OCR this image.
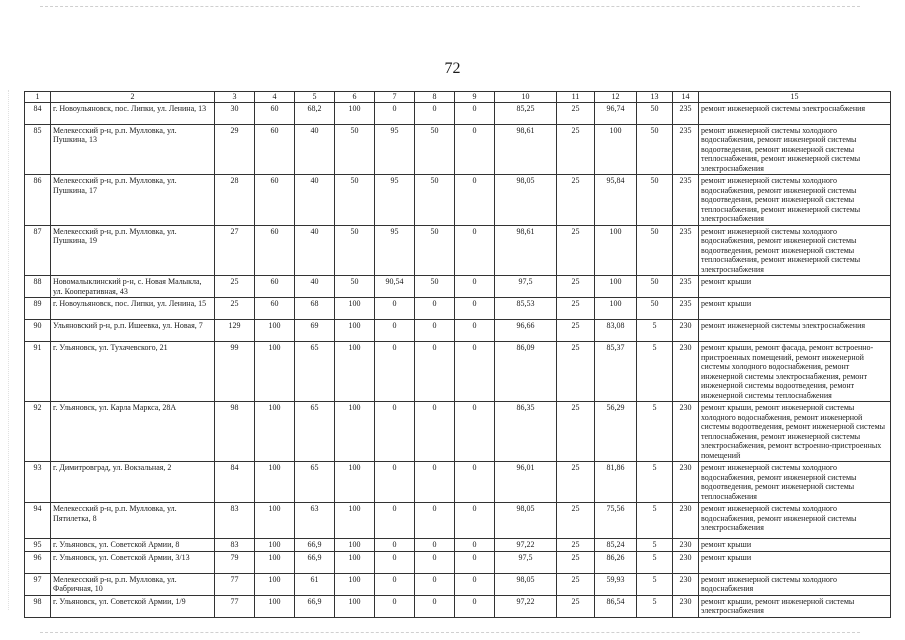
72
1	2	3	4	5	6	7	8	9	10	11	12	13	14	15
84	г. Новоульяновск, пос. Липки, ул. Ленина, 13	30	60	68,2	100	0	0	0	85,25	25	96,74	50	235	ремонт инженерной системы электроснабжения
85	Мелекесский р-н, р.п. Мулловка, ул. Пушкина, 13	29	60	40	50	95	50	0	98,61	25	100	50	235	ремонт инженерной системы холодного водоснабжения, ремонт инженерной системы водоотведения, ремонт инженерной системы теплоснабжения, ремонт инженерной системы электроснабжения
86	Мелекесский р-н, р.п. Мулловка, ул. Пушкина, 17	28	60	40	50	95	50	0	98,05	25	95,84	50	235	ремонт инженерной системы холодного водоснабжения, ремонт инженерной системы водоотведения, ремонт инженерной системы теплоснабжения, ремонт инженерной системы электроснабжения
87	Мелекесский р-н, р.п. Мулловка, ул. Пушкина, 19	27	60	40	50	95	50	0	98,61	25	100	50	235	ремонт инженерной системы холодного водоснабжения, ремонт инженерной системы водоотведения, ремонт инженерной системы теплоснабжения, ремонт инженерной системы электроснабжения
88	Новомалыклинский р-н, с. Новая Малыкла, ул. Кооперативная, 43	25	60	40	50	90,54	50	0	97,5	25	100	50	235	ремонт крыши
89	г. Новоульяновск, пос. Липки, ул. Ленина, 15	25	60	68	100	0	0	0	85,53	25	100	50	235	ремонт крыши
90	Ульяновский р-н, р.п. Ишеевка, ул. Новая, 7	129	100	69	100	0	0	0	96,66	25	83,08	5	230	ремонт инженерной системы электроснабжения
91	г. Ульяновск, ул. Тухачевского, 21	99	100	65	100	0	0	0	86,09	25	85,37	5	230	ремонт крыши, ремонт фасада, ремонт встроенно-пристроенных помещений, ремонт инженерной системы холодного водоснабжения, ремонт инженерной системы электроснабжения, ремонт инженерной системы водоотведения, ремонт инженерной системы теплоснабжения
92	г. Ульяновск, ул. Карла Маркса, 28А	98	100	65	100	0	0	0	86,35	25	56,29	5	230	ремонт крыши, ремонт инженерной системы холодного водоснабжения, ремонт инженерной системы водоотведения, ремонт инженерной системы теплоснабжения, ремонт инженерной системы электроснабжения, ремонт встроенно-пристроенных помещений
93	г. Димитровград, ул. Вокзальная, 2	84	100	65	100	0	0	0	96,01	25	81,86	5	230	ремонт инженерной системы холодного водоснабжения, ремонт инженерной системы водоотведения, ремонт инженерной системы теплоснабжения
94	Мелекесский р-н, р.п. Мулловка, ул. Пятилетка, 8	83	100	63	100	0	0	0	98,05	25	75,56	5	230	ремонт инженерной системы холодного водоснабжения, ремонт инженерной системы электроснабжения
95	г. Ульяновск, ул. Советской Армии, 8	83	100	66,9	100	0	0	0	97,22	25	85,24	5	230	ремонт крыши
96	г. Ульяновск, ул. Советской Армии, 3/13	79	100	66,9	100	0	0	0	97,5	25	86,26	5	230	ремонт крыши
97	Мелекесский р-н, р.п. Мулловка, ул. Фабричная, 10	77	100	61	100	0	0	0	98,05	25	59,93	5	230	ремонт инженерной системы холодного водоснабжения
98	г. Ульяновск, ул. Советской Армии, 1/9	77	100	66,9	100	0	0	0	97,22	25	86,54	5	230	ремонт крыши, ремонт инженерной системы электроснабжения
